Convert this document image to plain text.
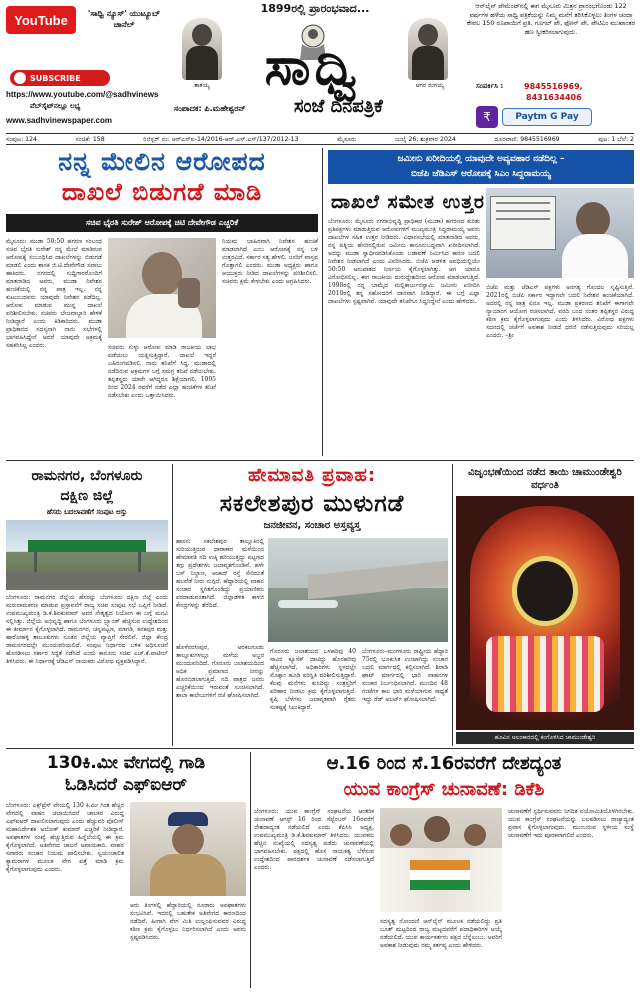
YouTube	'ಸಾಧ್ವಿ ನ್ಯೂಸ್' ಯುಟ್ಯೂಬ್ ಚಾನೆಲ್
SUBSCRIBE
https://www.youtube.com/@sadhvinews
ವೆಬ್‌ಸೈಟ್‌ನಲ್ಲೂ ಲಭ್ಯ
www.sadhvinewspaper.com
1899ರಲ್ಲಿ ಪ್ರಾರಂಭವಾದ...
ತಾತಯ್ಯ	ಸಾಧ್ವಿ	ಆಗರ ರಂಗಯ್ಯ
ಸಂಪಾದಕ: ಪಿ.ಮಹೇಶ್ವರನ್	ಸಂಜೆ ದಿನಪತ್ರಿಕೆ
ಆನ್‌ಲೈನ್ ಪೇಮೆಂಟ್‌ನಲ್ಲಿ ಈಗ ಮೈಸೂರು ಮಿತ್ರನ ಪ್ರಾರಂಭಗೊಂಡು 122 ವರ್ಷಗಳ ಹಳೆಯ ಸಾಧ್ವಿ ಪತ್ರಿಕೆಯನ್ನು ನಿಮ್ಮ ಮನೆಗೆ ತರಿಸಿಕೊಳ್ಳಲು ತಿಂಗಳ ಚಂದಾ ಕೇವಲ 150 ರೂಪಾಯಿಗೆ ಪ್ರತಿ. ಗೂಗಲ್ ಪೇ, ಫೋನ್ ಪೇ, ಪೇಟಿಎಂ ಮುಖಾಂತರ ಹಣ ಸ್ವೀಕರಿಸಲಾಗುವುದು.
ಸಂಪರ್ಕಿಸಿ :	9845516969,
8431634406
₹	Paytm G Pay
ಸಂಪುಟ: 124	ಸಂಚಿಕೆ: 158	ರಿಜಿಸ್ಟರ್ ನಂ: ಆರ್‌ಎನ್‌ಐ-14/2016-ಆರ್.ಎಸ್.ಎಸ್/137/2012-13	ಮೈಸೂರು	ಜುಲೈ 26, ಶುಕ್ರವಾರ 2024	ದೂರವಾಣಿ: 9845516969	ಪುಟ: 1 ಬೆಲೆ: 2
ನನ್ನ ಮೇಲಿನ ಆರೋಪದ
ದಾಖಲೆ ಬಿಡುಗಡೆ ಮಾಡಿ
ಸಚಿವ ಭೈರತಿ ಸುರೇಶ್ ಆರೋಪಕ್ಕೆ ಚಿಟಿ ದೇವೇಗೌಡ ಎಚ್ಚರಿಕೆ
ಮೈಸೂರು: ಮುಡಾ 50:50 ಹಗರಣ ಸಂಬಂಧ ಸಚಿವ ಭೈರತಿ ಸುರೇಶ್ ನನ್ನ ಮೇಲೆ ಮಾಡಿರುವ ಆರೋಪಕ್ಕೆ ಸಂಬಂಧಿಸಿದ ದಾಖಲೆಗಳನ್ನು ಬಿಡುಗಡೆ ಮಾಡಲಿ ಎಂದು ಶಾಸಕ ಜಿ.ಟಿ.ದೇವೇಗೌಡ ಸವಾಲು ಹಾಕಿದರು. ನಗರದಲ್ಲಿ ಸುದ್ದಿಗಾರರೊಂದಿಗೆ ಮಾತನಾಡಿದ ಅವರು, ಮುಡಾ ನಿವೇಶನ ಹಂಚಿಕೆಯಲ್ಲಿ ನನ್ನ ಪಾತ್ರ ಇಲ್ಲ. ನನ್ನ ಕುಟುಂಬದವರು ಯಾವುದೇ ನಿವೇಶನ ಪಡೆದಿಲ್ಲ. ಆರೋಪ ಮಾಡುವ ಮುನ್ನ ದಾಖಲೆ ಪರಿಶೀಲಿಸಬೇಕು. ಸಚಿವರು ಬೇಜವಾಬ್ದಾರಿ ಹೇಳಿಕೆ ನೀಡಿದ್ದಾರೆ ಎಂದು ಕಿಡಿಕಾರಿದರು. ಮುಡಾ ಪ್ರಾಧಿಕಾರದ ಸದಸ್ಯನಾಗಿ ನಾನು ಸಭೆಗಳಲ್ಲಿ ಭಾಗವಹಿಸಿದ್ದೇನೆ ಆದರೆ ಯಾವುದೇ ಅಕ್ರಮಕ್ಕೆ ಸಹಕರಿಸಿಲ್ಲ ಎಂದರು.	ಸಚಿವರು ಸುಳ್ಳು ಆರೋಪ ಮಾಡಿ ರಾಜಕೀಯ ಲಾಭ ಪಡೆಯಲು ಯತ್ನಿಸುತ್ತಿದ್ದಾರೆ. ದಾಖಲೆ ಇದ್ದರೆ ಬಹಿರಂಗಪಡಿಸಲಿ. ನಾನು ತನಿಖೆಗೆ ಸಿದ್ಧ. ಮುಡಾದಲ್ಲಿ ನಡೆದಿರುವ ಅಕ್ರಮಗಳ ಬಗ್ಗೆ ಸಮಗ್ರ ತನಿಖೆ ನಡೆಯಬೇಕು. ತಪ್ಪಿತಸ್ಥರು ಯಾರೇ ಆಗಿದ್ದರೂ ಶಿಕ್ಷೆಯಾಗಲಿ. 1995 ರಿಂದ 2024 ರವರೆಗೆ ನಡೆದ ಎಲ್ಲಾ ಹಂಚಿಕೆಗಳ ತನಿಖೆ ನಡೆಸಬೇಕು ಎಂದು ಒತ್ತಾಯಿಸಿದರು.
ನಿಯಮ ಬಾಹಿರವಾಗಿ ನಿವೇಶನ ಹಂಚಿಕೆ ಮಾಡಲಾಗಿದೆ ಎಂಬ ಆರೋಪಕ್ಕೆ ನನ್ನ ಬಳಿ ಉತ್ತರವಿದೆ. ಸರ್ಕಾರ ಸತ್ಯ ಹೇಳಲಿ. ಜನರಿಗೆ ವಾಸ್ತವ ಗೊತ್ತಾಗಲಿ ಎಂದರು. ಮುಡಾ ಅಧ್ಯಕ್ಷರು ಹಾಗೂ ಆಯುಕ್ತರು ನೀಡಿದ ದಾಖಲೆಗಳನ್ನು ಪರಿಶೀಲಿಸಲಿ. ಸಚಿವರು ಕ್ಷಮೆ ಕೇಳಬೇಕು ಎಂದು ಆಗ್ರಹಿಸಿದರು.
ಜಮೀನು ಖರೀದಿಯಲ್ಲಿ ಯಾವುದೇ ಅವ್ಯವಹಾರ ನಡೆದಿಲ್ಲ –
ಬಿಜೆಪಿ ಜೆಡಿಎಸ್ ಆರೋಪಕ್ಕೆ ಸಿಎಂ ಸಿದ್ದರಾಮಯ್ಯ
ದಾಖಲೆ ಸಮೇತ ಉತ್ತರ
ಬೆಂಗಳೂರು: ಮೈಸೂರು ನಗರಾಭಿವೃದ್ಧಿ ಪ್ರಾಧಿಕಾರ (ಮುಡಾ) ಹಗರಣದ ಕುರಿತು ಪ್ರತಿಪಕ್ಷಗಳು ಮಾಡುತ್ತಿರುವ ಆರೋಪಗಳಿಗೆ ಮುಖ್ಯಮಂತ್ರಿ ಸಿದ್ದರಾಮಯ್ಯ ಅವರು ದಾಖಲೆಗಳ ಸಹಿತ ಉತ್ತರ ನೀಡಿದರು. ವಿಧಾನಸಭೆಯಲ್ಲಿ ಮಾತನಾಡಿದ ಅವರು, ನನ್ನ ಪತ್ನಿಯ ಹೆಸರಿನಲ್ಲಿರುವ ಜಮೀನು ಕಾನೂನುಬದ್ಧವಾಗಿ ಖರೀದಿಸಲಾಗಿದೆ. ಅದನ್ನು ಮುಡಾ ಸ್ವಾಧೀನಪಡಿಸಿಕೊಂಡು ಬಡಾವಣೆ ನಿರ್ಮಿಸಿದ ಕಾರಣ ಬದಲಿ ನಿವೇಶನ ನೀಡಲಾಗಿದೆ ಎಂದು ವಿವರಿಸಿದರು. ಬಿಜೆಪಿ ಆಡಳಿತ ಅವಧಿಯಲ್ಲಿಯೇ 50:50 ಅನುಪಾತದ ನಿರ್ಣಯ ಕೈಗೊಳ್ಳಲಾಗಿತ್ತು. ಆಗ ಯಾರೂ ವಿರೋಧಿಸಲಿಲ್ಲ. ಈಗ ರಾಜಕೀಯ ದುರುದ್ದೇಶದಿಂದ ಆರೋಪ ಮಾಡಲಾಗುತ್ತಿದೆ. 1998ರಲ್ಲಿ ನನ್ನ ಬಾಮೈದ ಮಲ್ಲಿಕಾರ್ಜುನಸ್ವಾಮಿ ಜಮೀನು ಖರೀದಿಸಿ 2010ರಲ್ಲಿ ತನ್ನ ಸಹೋದರಿಗೆ ದಾನವಾಗಿ ನೀಡಿದ್ದಾರೆ. ಈ ಬಗ್ಗೆ ಎಲ್ಲಾ ದಾಖಲೆಗಳು ಸ್ಪಷ್ಟವಾಗಿವೆ. ಯಾವುದೇ ತನಿಖೆಗೂ ಸಿದ್ಧನಿದ್ದೇನೆ ಎಂದು ಹೇಳಿದರು.
ಬಿಜೆಪಿ ಮತ್ತು ಜೆಡಿಎಸ್ ಪಕ್ಷಗಳು ಅನಗತ್ಯ ಗೊಂದಲ ಸೃಷ್ಟಿಸುತ್ತಿವೆ. 2021ರಲ್ಲಿ ಬಿಜೆಪಿ ಸರ್ಕಾರ ಇದ್ದಾಗಲೇ ಬದಲಿ ನಿವೇಶನ ಹಂಚಿಕೆಯಾಗಿದೆ. ಅದರಲ್ಲಿ ನನ್ನ ಪಾತ್ರ ಏನೂ ಇಲ್ಲ. ಮುಡಾ ಪ್ರಕರಣದ ತನಿಖೆಗೆ ಈಗಾಗಲೇ ನ್ಯಾಯಾಂಗ ಆಯೋಗ ರಚಿಸಲಾಗಿದೆ. ವರದಿ ಬಂದ ನಂತರ ತಪ್ಪಿತಸ್ಥರ ವಿರುದ್ಧ ಕಠಿಣ ಕ್ರಮ ಕೈಗೊಳ್ಳಲಾಗುವುದು ಎಂದು ತಿಳಿಸಿದರು. ವಿರೋಧ ಪಕ್ಷಗಳು ಸದನದಲ್ಲಿ ಚರ್ಚೆಗೆ ಅವಕಾಶ ನೀಡದೆ ಧರಣಿ ನಡೆಸುತ್ತಿರುವುದು ಸರಿಯಲ್ಲ ಎಂದರು. –ಶ್ರೀ
ರಾಮನಗರ, ಬೆಂಗಳೂರು
ದಕ್ಷಿಣ ಜಿಲ್ಲೆ
ಹೆಸರು ಬದಲಾವಣೆಗೆ ಸಂಪುಟ ಅಸ್ತು
ಬೆಂಗಳೂರು: ರಾಮನಗರ ಜಿಲ್ಲೆಯ ಹೆಸರನ್ನು ಬೆಂಗಳೂರು ದಕ್ಷಿಣ ಜಿಲ್ಲೆ ಎಂದು ಮರುನಾಮಕರಣ ಮಾಡುವ ಪ್ರಸ್ತಾವನೆಗೆ ರಾಜ್ಯ ಸಚಿವ ಸಂಪುಟ ಸಭೆ ಒಪ್ಪಿಗೆ ನೀಡಿದೆ. ಉಪಮುಖ್ಯಮಂತ್ರಿ ಡಿ.ಕೆ.ಶಿವಕುಮಾರ್ ಅವರ ನೇತೃತ್ವದ ನಿಯೋಗ ಈ ಬಗ್ಗೆ ಮನವಿ ಸಲ್ಲಿಸಿತ್ತು. ಜಿಲ್ಲೆಯ ಅಭಿವೃದ್ಧಿ ಹಾಗೂ ಬೆಂಗಳೂರು ಬ್ರ್ಯಾಂಡ್ ಹೆಚ್ಚಿಸುವ ಉದ್ದೇಶದಿಂದ ಈ ತೀರ್ಮಾನ ಕೈಗೊಳ್ಳಲಾಗಿದೆ. ರಾಮನಗರ, ಚನ್ನಪಟ್ಟಣ, ಮಾಗಡಿ, ಕನಕಪುರ ಮತ್ತು ಹಾರೋಹಳ್ಳಿ ತಾಲೂಕುಗಳು ನೂತನ ಜಿಲ್ಲೆಯ ವ್ಯಾಪ್ತಿಗೆ ಸೇರಲಿವೆ. ಜಿಲ್ಲಾ ಕೇಂದ್ರ ರಾಮನಗರದಲ್ಲೇ ಮುಂದುವರಿಯಲಿದೆ. ಸಂಪುಟ ನಿರ್ಧಾರದ ಬಳಿಕ ಅಧಿಸೂಚನೆ ಹೊರಡಿಸಲು ಸರ್ಕಾರ ಸಿದ್ಧತೆ ನಡೆಸಿದೆ ಎಂದು ಕಾನೂನು ಸಚಿವ ಎಚ್.ಕೆ.ಪಾಟೀಲ್ ತಿಳಿಸಿದರು. ಈ ನಿರ್ಧಾರಕ್ಕೆ ಜೆಡಿಎಸ್ ನಾಯಕರು ವಿರೋಧ ವ್ಯಕ್ತಪಡಿಸಿದ್ದಾರೆ.
ಹೇಮಾವತಿ ಪ್ರವಾಹ:
ಸಕಲೇಶಪುರ ಮುಳುಗಡೆ
ಜನಜೀವನ, ಸಂಚಾರ ಅಸ್ತವ್ಯಸ್ತ
ಹಾಸನ: ಸಕಲೇಶಪುರ ತಾಲ್ಲೂಕಿನಲ್ಲಿ ಸುರಿಯುತ್ತಿರುವ ಧಾರಾಕಾರ ಮಳೆಯಿಂದ ಹೇಮಾವತಿ ನದಿ ಉಕ್ಕಿ ಹರಿಯುತ್ತಿದ್ದು ಪಟ್ಟಣದ ತಗ್ಗು ಪ್ರದೇಶಗಳು ಜಲಾವೃತಗೊಂಡಿವೆ. ಹಳೇ ಬಸ್ ನಿಲ್ದಾಣ, ಆಜಾದ್ ರಸ್ತೆ ಸೇರಿದಂತೆ ಹಲವೆಡೆ ನೀರು ನುಗ್ಗಿದೆ. ಹೆದ್ದಾರಿಯಲ್ಲಿ ವಾಹನ ಸಂಚಾರ ಸ್ಥಗಿತಗೊಂಡಿದ್ದು ಪ್ರಯಾಣಿಕರು ಪರದಾಡುವಂತಾಗಿದೆ. ಜಿಲ್ಲಾಡಳಿತ ಕಾಳಜಿ ಕೇಂದ್ರಗಳನ್ನು ತೆರೆದಿದೆ.
ಹೊಳೆನರಸೀಪುರ, ಅರಕಲಗೂಡು ತಾಲ್ಲೂಕುಗಳಲ್ಲೂ ಮಳೆಯ ಅಬ್ಬರ ಮುಂದುವರಿದಿದೆ. ಗೊರೂರು ಜಲಾಶಯದಿಂದ ಅಧಿಕ ಪ್ರಮಾಣದ ನೀರನ್ನು ಹೊರಬಿಡಲಾಗುತ್ತಿದೆ. ನದಿ ಪಾತ್ರದ ಜನರು ಎಚ್ಚರಿಕೆಯಿಂದ ಇರುವಂತೆ ಸೂಚಿಸಲಾಗಿದೆ. ಶಾಲಾ ಕಾಲೇಜುಗಳಿಗೆ ರಜೆ ಘೋಷಿಸಲಾಗಿದೆ.
ಗೊರೂರು ಜಲಾಶಯದ ಒಳಹರಿವು 40 ಸಾವಿರ ಕ್ಯೂಸೆಕ್ ದಾಟಿದ್ದು ಹೊರಹರಿವು ಹೆಚ್ಚಿಸಲಾಗಿದೆ. ಅಧಿಕಾರಿಗಳು ಸ್ಥಳದಲ್ಲೇ ಮೊಕ್ಕಾಂ ಹೂಡಿ ಪರಿಸ್ಥಿತಿ ಪರಿಶೀಲಿಸುತ್ತಿದ್ದಾರೆ. ಕೆಲವು ಮನೆಗಳು ಕುಸಿದಿದ್ದು ಸಂತ್ರಸ್ತರಿಗೆ ಪರಿಹಾರ ನೀಡಲು ಕ್ರಮ ಕೈಗೊಳ್ಳಲಾಗುತ್ತಿದೆ. ಕೃಷಿ ಬೆಳೆಗಳು ಜಲಾವೃತವಾಗಿ ರೈತರು ಸಂಕಷ್ಟಕ್ಕೆ ಸಿಲುಕಿದ್ದಾರೆ.
ಬೆಂಗಳೂರು–ಮಂಗಳೂರು ರಾಷ್ಟ್ರೀಯ ಹೆದ್ದಾರಿ 75ರಲ್ಲಿ ಭೂಕುಸಿತ ಉಂಟಾಗಿದ್ದು ಸಂಚಾರ ಬದಲಿ ಮಾರ್ಗದಲ್ಲಿ ಕಲ್ಪಿಸಲಾಗಿದೆ. ಶಿರಾಡಿ ಘಾಟ್ ಮಾರ್ಗದಲ್ಲಿ ಭಾರಿ ವಾಹನಗಳ ಸಂಚಾರ ನಿರ್ಬಂಧಿಸಲಾಗಿದೆ. ಮುಂದಿನ 48 ಗಂಟೆಗಳ ಕಾಲ ಭಾರಿ ಮಳೆಯಾಗುವ ಸಾಧ್ಯತೆ ಇದ್ದು ರೆಡ್ ಅಲರ್ಟ್ ಘೋಷಿಸಲಾಗಿದೆ.
ವಿಜೃಂಭಣೆಯಿಂದ ನಡೆದ ತಾಯಿ ಚಾಮುಂಡೇಶ್ವರಿ ವರ್ಧಂತಿ
ಹೂವಿನ ಅಲಂಕಾರದಲ್ಲಿ ಕಂಗೊಳಿಸಿದ ಚಾಮುಂಡೇಶ್ವರಿ
130ಕಿ.ಮೀ ವೇಗದಲ್ಲಿ ಗಾಡಿ
ಓಡಿಸಿದರೆ ಎಫ್‌ಐಆರ್
ಬೆಂಗಳೂರು: ಎಕ್ಸ್‌ಪ್ರೆಸ್ ವೇಯಲ್ಲಿ 130 ಕಿ.ಮೀ ಗಿಂತ ಹೆಚ್ಚಿನ ವೇಗದಲ್ಲಿ ವಾಹನ ಚಲಾಯಿಸಿದರೆ ಚಾಲಕರ ವಿರುದ್ಧ ಎಫ್‌ಐಆರ್ ದಾಖಲಿಸಲಾಗುವುದು ಎಂದು ಹೆಚ್ಚುವರಿ ಪೊಲೀಸ್ ಮಹಾನಿರ್ದೇಶಕ ಅಲೋಕ್ ಕುಮಾರ್ ಎಚ್ಚರಿಕೆ ನೀಡಿದ್ದಾರೆ. ಅಪಘಾತಗಳ ಸಂಖ್ಯೆ ಹೆಚ್ಚುತ್ತಿರುವ ಹಿನ್ನೆಲೆಯಲ್ಲಿ ಈ ಕ್ರಮ ಕೈಗೊಳ್ಳಲಾಗಿದೆ. ಅತಿವೇಗದ ಚಾಲನೆ ಅಪಾಯಕಾರಿ. ವಾಹನ ಸವಾರರು ಸಂಚಾರ ನಿಯಮ ಪಾಲಿಸಬೇಕು. ಸ್ವಯಂಚಾಲಿತ ಕ್ಯಾಮರಾಗಳ ಮೂಲಕ ವೇಗ ಪತ್ತೆ ಮಾಡಿ ಕ್ರಮ ಕೈಗೊಳ್ಳಲಾಗುವುದು ಎಂದರು.
ಆರು ತಿಂಗಳಲ್ಲಿ ಹೆದ್ದಾರಿಯಲ್ಲಿ ನೂರಾರು ಅಪಘಾತಗಳು ಸಂಭವಿಸಿವೆ. ಇದರಲ್ಲಿ ಬಹುತೇಕ ಅತಿವೇಗದ ಕಾರಣದಿಂದ ನಡೆದಿವೆ. ಹೀಗಾಗಿ ವೇಗ ಮಿತಿ ಉಲ್ಲಂಘಿಸುವವರ ವಿರುದ್ಧ ಕಠಿಣ ಕ್ರಮ ಕೈಗೊಳ್ಳಲು ನಿರ್ಧರಿಸಲಾಗಿದೆ ಎಂದು ಅವರು ಸ್ಪಷ್ಟಪಡಿಸಿದರು.
ಆ.16 ರಿಂದ ಸೆ.16ರವರೆಗೆ ದೇಶದ್ಯಂತ
ಯುವ ಕಾಂಗ್ರೆಸ್ ಚುನಾವಣೆ: ಡಿಕೆಶಿ
ಬೆಂಗಳೂರು: ಯುವ ಕಾಂಗ್ರೆಸ್ ಸಂಘಟನೆಯ ಆಂತರಿಕ ಚುನಾವಣೆ ಆಗಸ್ಟ್ 16 ರಿಂದ ಸೆಪ್ಟೆಂಬರ್ 16ರವರೆಗೆ ದೇಶದಾದ್ಯಂತ ನಡೆಯಲಿದೆ ಎಂದು ಕೆಪಿಸಿಸಿ ಅಧ್ಯಕ್ಷ, ಉಪಮುಖ್ಯಮಂತ್ರಿ ಡಿ.ಕೆ.ಶಿವಕುಮಾರ್ ತಿಳಿಸಿದರು. ಯುವಕರು ಹೆಚ್ಚಿನ ಸಂಖ್ಯೆಯಲ್ಲಿ ಸದಸ್ಯತ್ವ ಪಡೆದು ಚುನಾವಣೆಯಲ್ಲಿ ಭಾಗವಹಿಸಬೇಕು. ಪಕ್ಷದಲ್ಲಿ ಹೊಸ ನಾಯಕತ್ವ ಬೆಳೆಸುವ ಉದ್ದೇಶದಿಂದ ಪಾರದರ್ಶಕ ಚುನಾವಣೆ ನಡೆಸಲಾಗುತ್ತಿದೆ ಎಂದರು.
ಸದಸ್ಯತ್ವ ನೋಂದಣಿ ಆನ್‌ಲೈನ್ ಮೂಲಕ ನಡೆಯಲಿದ್ದು ಪ್ರತಿ ಬೂತ್ ಮಟ್ಟದಿಂದ ರಾಜ್ಯ ಮಟ್ಟದವರೆಗೆ ಪದಾಧಿಕಾರಿಗಳ ಆಯ್ಕೆ ನಡೆಯಲಿದೆ. ಯುವ ಕಾರ್ಯಕರ್ತರು ಪಕ್ಷದ ಬೆನ್ನೆಲುಬು. ಅವರಿಗೆ ಅವಕಾಶ ನೀಡುವುದು ನಮ್ಮ ಕರ್ತವ್ಯ ಎಂದು ಹೇಳಿದರು.
ಚುನಾವಣೆಗೆ ಸ್ಪರ್ಧಿಸುವವರು ನಿಗದಿತ ವಯೋಮಿತಿಯೊಳಗಿರಬೇಕು. ಯುವ ಕಾಂಗ್ರೆಸ್ ಸಂಘಟನೆಯನ್ನು ಬಲಪಡಿಸಲು ರಾಜ್ಯಾದ್ಯಂತ ಪ್ರವಾಸ ಕೈಗೊಳ್ಳಲಾಗುವುದು. ಮುಂಬರುವ ಸ್ಥಳೀಯ ಸಂಸ್ಥೆ ಚುನಾವಣೆಗೆ ಇದು ಪೂರಕವಾಗಲಿದೆ ಎಂದರು.
